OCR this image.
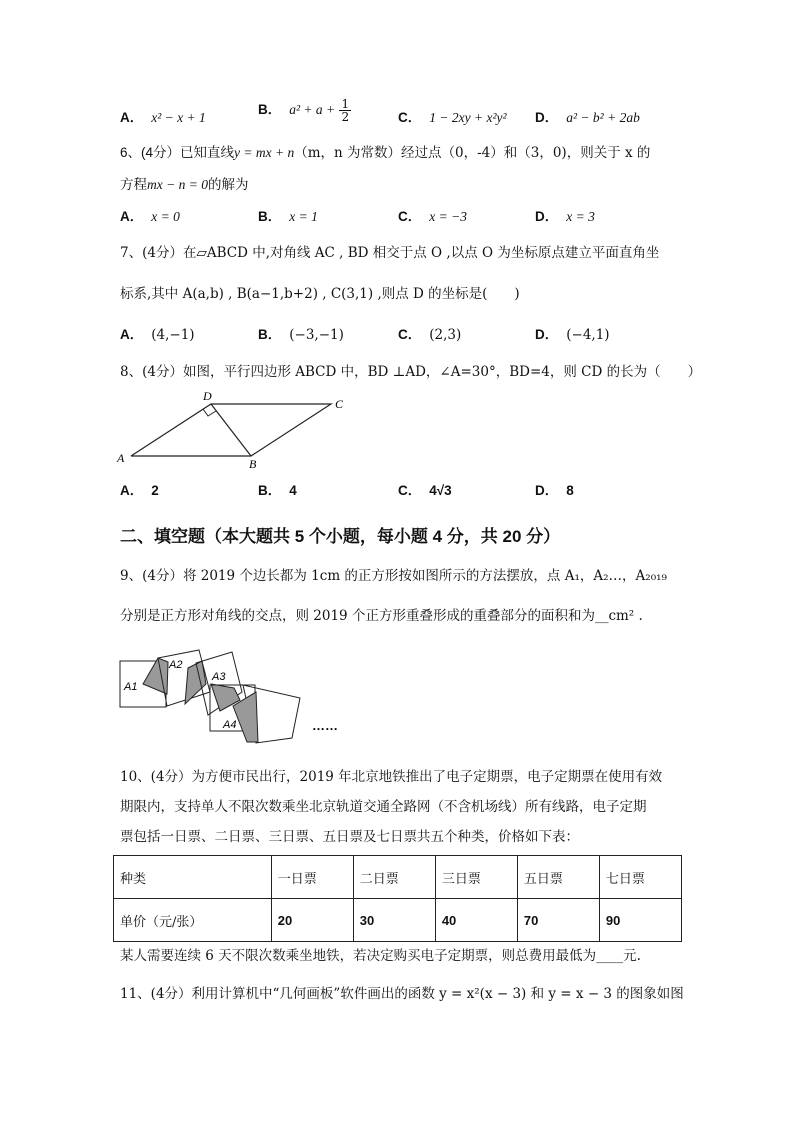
A． x² − x + 1
B． $a^2 + a + \frac{1}{2}$	C． 1 − 2xy + x²y² D． a² − b² + 2ab
6、(4分）已知直线y = mx + n（m，n 为常数）经过点（0，-4）和（3，0)，则关于 x 的
方程mx − n = 0的解为
A． x = 0	B． x = 1	C． x = −3	D． x = 3
7、(4分）在▱ABCD 中,对角线 AC , BD 相交于点 O ,以点 O 为坐标原点建立平面直角坐
标系,其中 A(a,b) , B(a−1,b+2) , C(3,1) ,则点 D 的坐标是(　　)
A． (4,−1)	B． (−3,−1)	C． (2,3)	D． (−4,1)
8、(4分）如图，平行四边形 ABCD 中，BD ⊥AD，∠A=30°，BD=4，则 CD 的长为（　　）
A	B
C
D
A． 2	B． 4	C． 4√3	D． 8
二、填空题（本大题共 5 个小题，每小题 4 分，共 20 分）
9、(4分）将 2019 个边长都为 1cm 的正方形按如图所示的方法摆放，点 A₁，A₂…，A₂₀₁₉
分别是正方形对角线的交点，则 2019 个正方形重叠形成的重叠部分的面积和为__cm² .
A1
A2
A3
A4	……
10、(4分）为方便市民出行，2019 年北京地铁推出了电子定期票，电子定期票在使用有效
期限内，支持单人不限次数乘坐北京轨道交通全路网（不含机场线）所有线路，电子定期
票包括一日票、二日票、三日票、五日票及七日票共五个种类，价格如下表：
种类	一日票	二日票	三日票	五日票	七日票
单价（元/张）	20	30	40	70	90
某人需要连续 6 天不限次数乘坐地铁，若决定购买电子定期票，则总费用最低为____元.
11、(4分）利用计算机中“几何画板”软件画出的函数 y = x²(x − 3) 和 y = x − 3 的图象如图
